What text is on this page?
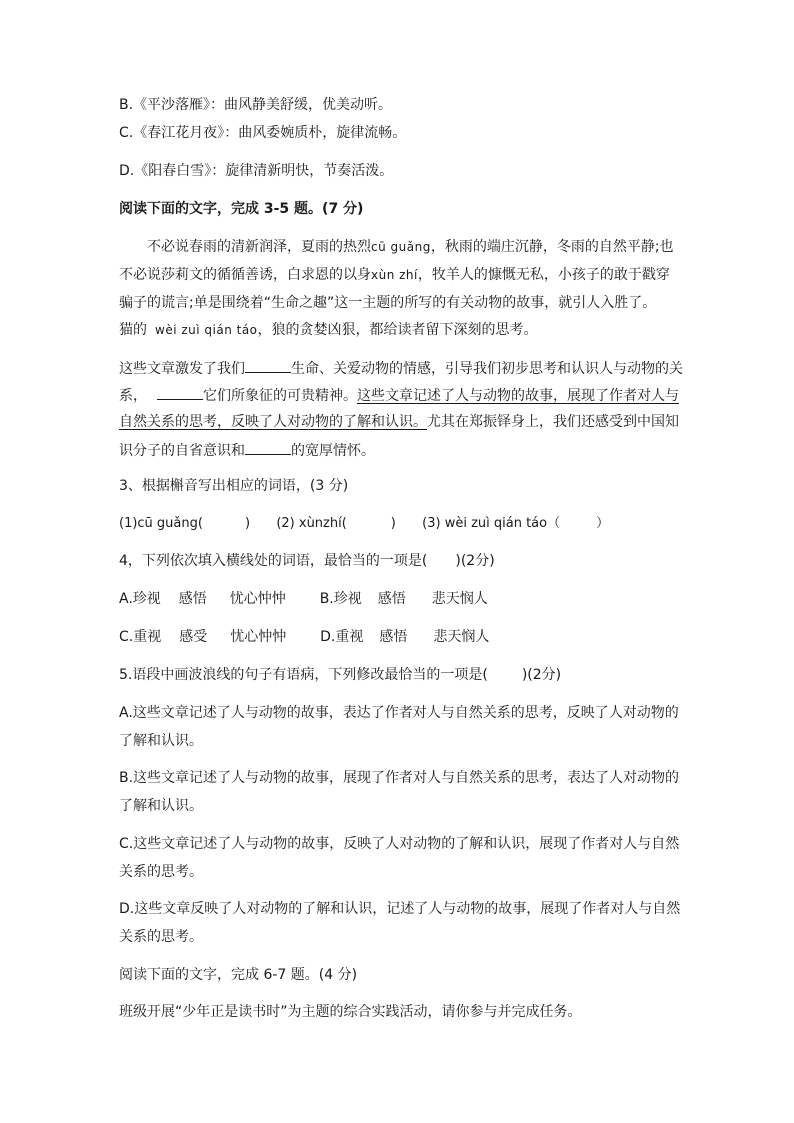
B.《平沙落雁》：曲风静美舒缓，优美动听。
C.《春江花月夜》：曲风委婉质朴，旋律流畅。
D.《阳春白雪》：旋律清新明快，节奏活泼。
阅读下面的文字，完成 3-5 题。(7 分)
不必说春雨的清新润泽，夏雨的热烈cū guǎng，秋雨的端庄沉静，冬雨的自然平静;也
不必说莎莉文的循循善诱，白求恩的以身xùn zhí，牧羊人的慷慨无私，小孩子的敢于戳穿
骗子的谎言;单是围绕着“生命之趣”这一主题的所写的有关动物的故事，就引人入胜了。
猫的 wèi zuì qián táo，狼的贪婪凶狠，都给读者留下深刻的思考。
这些文章激发了我们	生命、关爱动物的情感，引导我们初步思考和认识人与动物的关
系，	它们所象征的可贵精神。这些文章记述了人与动物的故事，展现了作者对人与
自然关系的思考，反映了人对动物的了解和认识。尤其在郑振铎身上，我们还感受到中国知
识分子的自省意识和	的宽厚情怀。
3、根据槲音写出相应的词语，(3 分)
(1)cū guǎng(	) (2) xùnzhí(	) (3) wèi zuì qián táo（	）
4，下列依次填入横线处的词语，最恰当的一项是( )(2分)
A.珍视 感悟 忧心忡忡 B.珍视 感悟 悲天悯人
C.重视 感受 忧心忡忡 D.重视 感悟 悲天悯人
5.语段中画波浪线的句子有语病，下列修改最恰当的一项是( )(2分)
A.这些文章记述了人与动物的故事，表达了作者对人与自然关系的思考，反映了人对动物的
了解和认识。
B.这些文章记述了人与动物的故事，展现了作者对人与自然关系的思考，表达了人对动物的
了解和认识。
C.这些文章记述了人与动物的故事，反映了人对动物的了解和认识，展现了作者对人与自然
关系的思考。
D.这些文章反映了人对动物的了解和认识，记述了人与动物的故事，展现了作者对人与自然
关系的思考。
阅读下面的文字，完成 6-7 题。(4 分)
班级开展“少年正是读书时”为主题的综合实践活动，请你参与并完成任务。
